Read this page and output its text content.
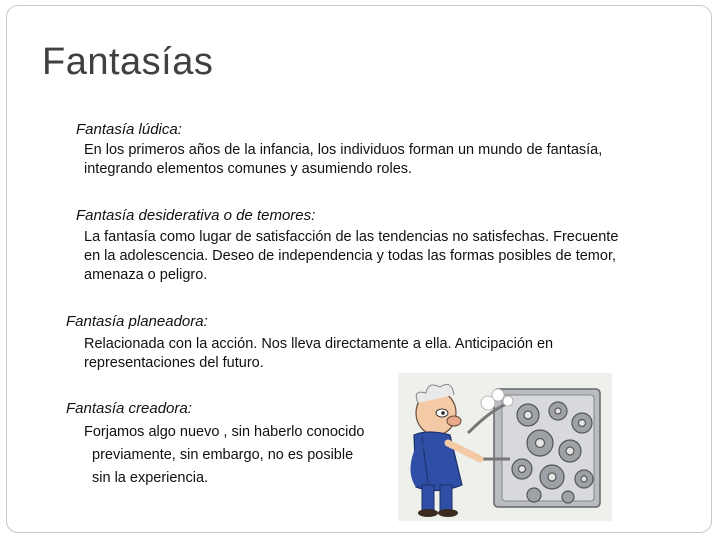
Fantasías
Fantasía lúdica:
En los primeros años de la infancia, los individuos forman un mundo de fantasía,
integrando elementos comunes y asumiendo roles.
Fantasía desiderativa o de temores:
La fantasía como lugar de satisfacción de las tendencias no satisfechas. Frecuente
en la adolescencia. Deseo de independencia y todas las formas posibles de temor,
amenaza o peligro.
Fantasía planeadora:
Relacionada con la acción. Nos lleva directamente a ella. Anticipación en
representaciones del futuro.
Fantasía creadora:
Forjamos algo nuevo , sin haberlo conocido
previamente, sin embargo, no es posible
sin la experiencia.
